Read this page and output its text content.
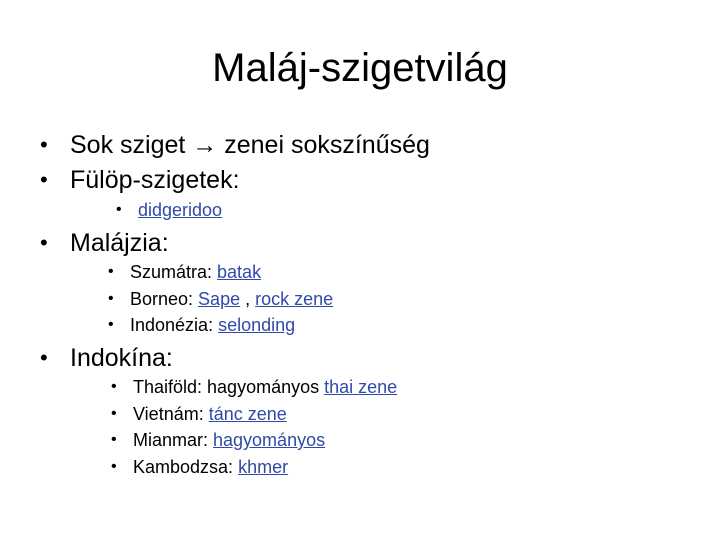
Maláj-szigetvilág
• Sok sziget → zenei sokszínűség
• Fülöp-szigetek:
• didgeridoo
• Malájzia:
• Szumátra: batak
• Borneo: Sape , rock zene
• Indonézia: selonding
• Indokína:
• Thaiföld: hagyományos thai zene
• Vietnám: tánc zene
• Mianmar: hagyományos
• Kambodzsa: khmer
